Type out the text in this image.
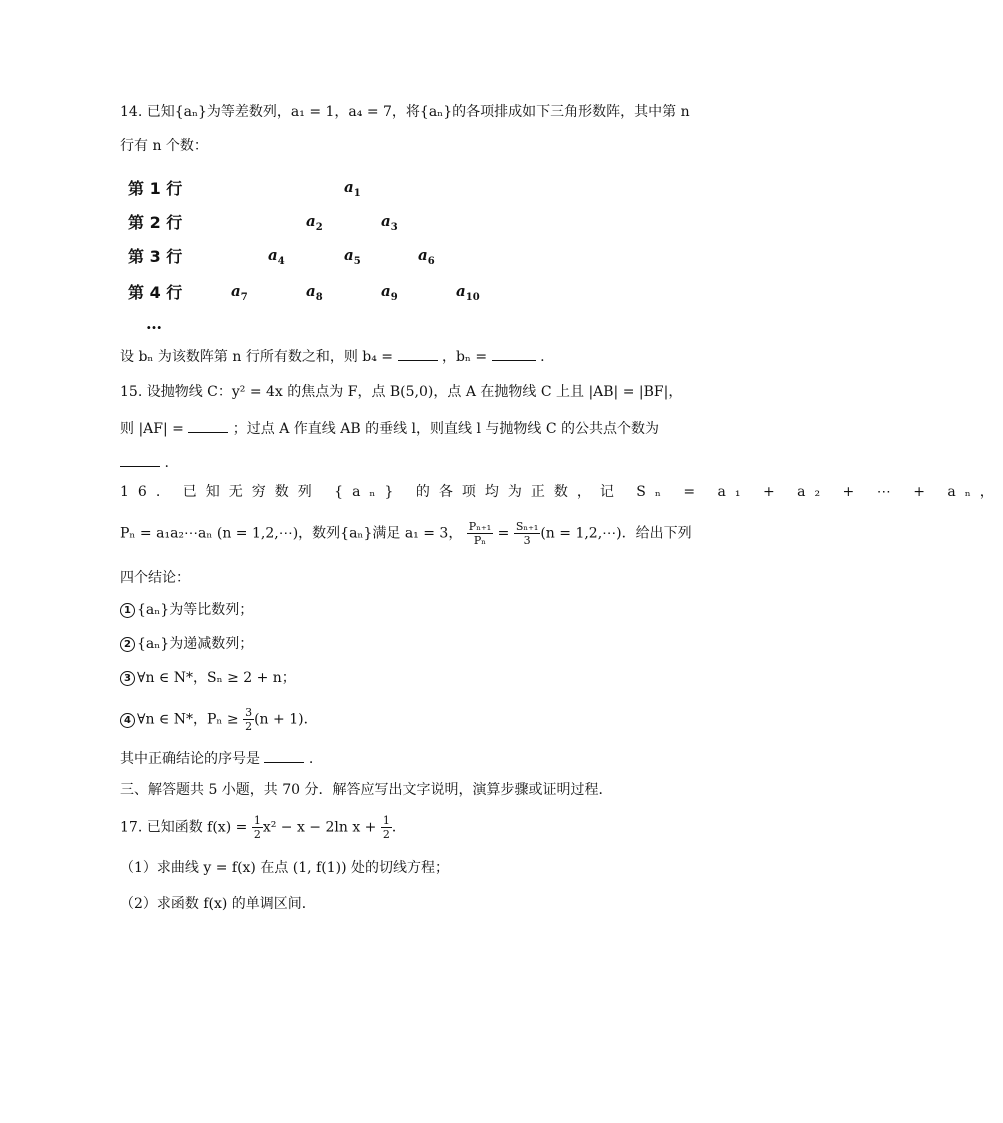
14. 已知{aₙ}为等差数列，a₁ = 1，a₄ = 7，将{aₙ}的各项排成如下三角形数阵，其中第 n
行有 n 个数：
第 1 行	$a_1$
第 2 行	$a_2$	$a_3$
第 3 行	$a_4$	$a_5$	$a_6$
第 4 行	$a_7$	$a_8$	$a_9$	$a_{10}$
…
设 bₙ 为该数阵第 n 行所有数之和，则 b₄ =	，bₙ =	.
15. 设抛物线 C：y² = 4x 的焦点为 F，点 B(5,0)，点 A 在抛物线 C 上且 |AB| = |BF|，
则 |AF| =	；过点 A 作直线 AB 的垂线 l，则直线 l 与抛物线 C 的公共点个数为
.
16. 已知无穷数列 {aₙ} 的各项均为正数，记 Sₙ = a₁ + a₂ + ⋯ + aₙ，
Pₙ = a₁a₂⋯aₙ (n = 1,2,⋯)，数列{aₙ}满足 a₁ = 3， $\frac{\text{Pₙ₊₁}}{\text{Pₙ}} = \frac{\text{Sₙ₊₁}}{3} (n$ = 1,2,⋯)．给出下列
四个结论：
1 {aₙ}为等比数列；
2 {aₙ}为递减数列；
3 ∀n ∈ N*，Sₙ ≥ 2 + n；
4 ∀n ∈ N*，$P_n \ge \frac{3}{2} (n + 1)$．
其中正确结论的序号是	.
三、解答题共 5 小题，共 70 分．解答应写出文字说明，演算步骤或证明过程．
17. 已知函数 $f(x) = \frac{1}{2} x^2 - x - 2\ln$ $x + \frac{1}{2}$ ．
（1）求曲线 y = f(x) 在点 (1, f(1)) 处的切线方程；
（2）求函数 f(x) 的单调区间．
